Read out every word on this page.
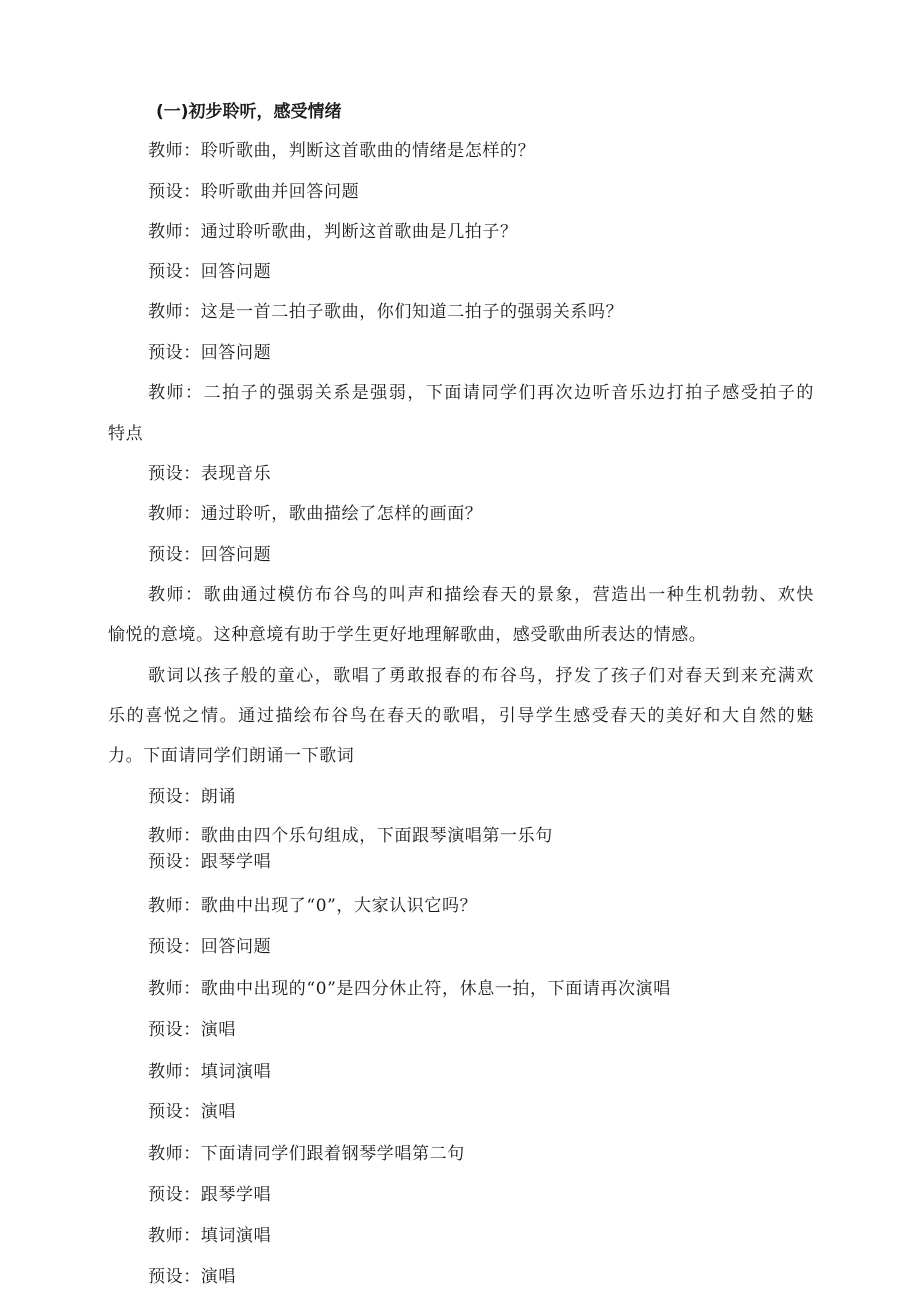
(一)初步聆听，感受情绪
教师：聆听歌曲，判断这首歌曲的情绪是怎样的？
预设：聆听歌曲并回答问题
教师：通过聆听歌曲，判断这首歌曲是几拍子？
预设：回答问题
教师：这是一首二拍子歌曲，你们知道二拍子的强弱关系吗？
预设：回答问题
教师：二拍子的强弱关系是强弱，下面请同学们再次边听音乐边打拍子感受拍子的
特点
预设：表现音乐
教师：通过聆听，歌曲描绘了怎样的画面？
预设：回答问题
教师：歌曲通过模仿布谷鸟的叫声和描绘春天的景象，营造出一种生机勃勃、欢快
愉悦的意境。这种意境有助于学生更好地理解歌曲，感受歌曲所表达的情感。
歌词以孩子般的童心，歌唱了勇敢报春的布谷鸟，抒发了孩子们对春天到来充满欢
乐的喜悦之情。通过描绘布谷鸟在春天的歌唱，引导学生感受春天的美好和大自然的魅
力。下面请同学们朗诵一下歌词
预设：朗诵
教师：歌曲由四个乐句组成，下面跟琴演唱第一乐句
预设：跟琴学唱
教师：歌曲中出现了“0”，大家认识它吗？
预设：回答问题
教师：歌曲中出现的“0”是四分休止符，休息一拍，下面请再次演唱
预设：演唱
教师：填词演唱
预设：演唱
教师：下面请同学们跟着钢琴学唱第二句
预设：跟琴学唱
教师：填词演唱
预设：演唱
